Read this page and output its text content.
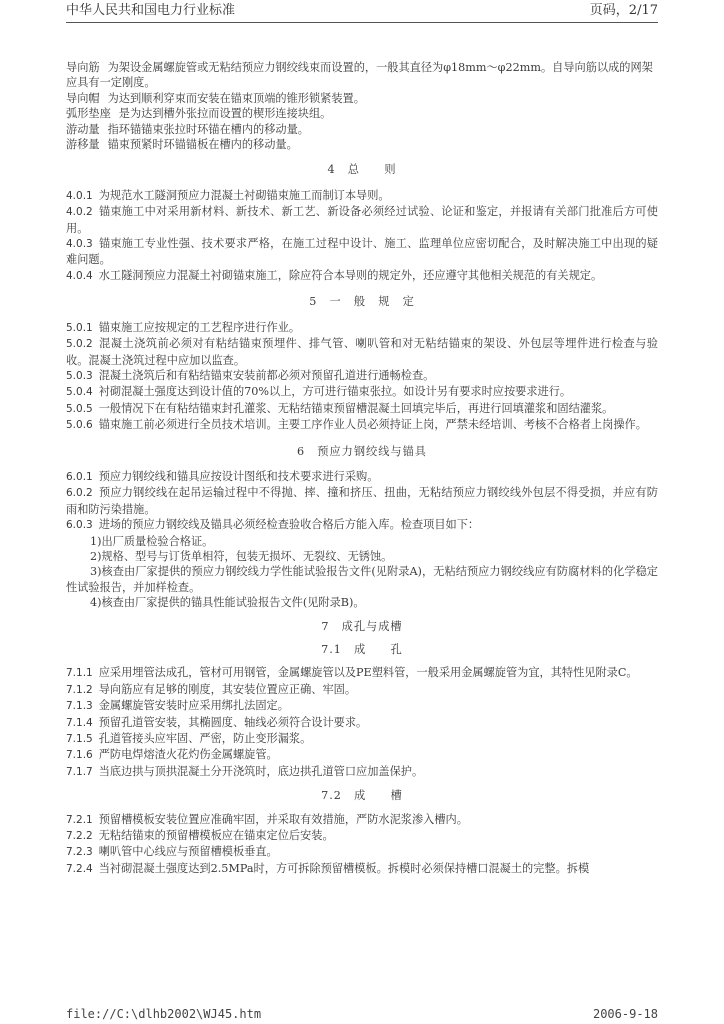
中华人民共和国电力行业标准	页码，2/17

导向筋 为架设金属螺旋管或无粘结预应力钢绞线束而设置的，一般其直径为φ18mm～φ22mm。自导向筋以成的网架应具有一定刚度。

导向帽 为达到顺利穿束而安装在锚束顶端的锥形锁紧装置。

弧形垫座 是为达到槽外张拉而设置的楔形连接块组。

游动量 指环锚锚束张拉时环锚在槽内的移动量。

游移量 锚束预紧时环锚锚板在槽内的移动量。

4　总　　则

4.0.1 为规范水工隧洞预应力混凝土衬砌锚束施工而制订本导则。

4.0.2 锚束施工中对采用新材料、新技术、新工艺、新设备必须经过试验、论证和鉴定，并报请有关部门批准后方可使用。

4.0.3 锚束施工专业性强、技术要求严格，在施工过程中设计、施工、监理单位应密切配合，及时解决施工中出现的疑难问题。

4.0.4 水工隧洞预应力混凝土衬砌锚束施工，除应符合本导则的规定外，还应遵守其他相关规范的有关规定。

5　一　般　规　定

5.0.1 锚束施工应按规定的工艺程序进行作业。

5.0.2 混凝土浇筑前必须对有粘结锚束预埋件、排气管、喇叭管和对无粘结锚束的架设、外包层等埋件进行检查与验收。混凝土浇筑过程中应加以监查。

5.0.3 混凝土浇筑后和有粘结锚束安装前都必须对预留孔道进行通畅检查。

5.0.4 衬砌混凝土强度达到设计值的70%以上，方可进行锚束张拉。如设计另有要求时应按要求进行。

5.0.5 一般情况下在有粘结锚束封孔灌浆、无粘结锚束预留槽混凝土回填完毕后，再进行回填灌浆和固结灌浆。

5.0.6 锚束施工前必须进行全员技术培训。主要工序作业人员必须持证上岗，严禁未经培训、考核不合格者上岗操作。

6　预应力钢绞线与锚具

6.0.1 预应力钢绞线和锚具应按设计图纸和技术要求进行采购。

6.0.2 预应力钢绞线在起吊运输过程中不得抛、摔、撞和挤压、扭曲，无粘结预应力钢绞线外包层不得受损，并应有防雨和防污染措施。

6.0.3 进场的预应力钢绞线及锚具必须经检查验收合格后方能入库。检查项目如下：

1)出厂质量检验合格证。

2)规格、型号与订货单相符，包装无损坏、无裂纹、无锈蚀。

3)核查由厂家提供的预应力钢绞线力学性能试验报告文件(见附录A)，无粘结预应力钢绞线应有防腐材料的化学稳定性试验报告，并加样检查。

4)核查由厂家提供的锚具性能试验报告文件(见附录B)。

7　成孔与成槽

7.1　成　　孔

7.1.1 应采用埋管法成孔，管材可用钢管，金属螺旋管以及PE塑料管，一般采用金属螺旋管为宜，其特性见附录C。

7.1.2 导向筋应有足够的刚度，其安装位置应正确、牢固。

7.1.3 金属螺旋管安装时应采用绑扎法固定。

7.1.4 预留孔道管安装，其椭圆度、轴线必须符合设计要求。

7.1.5 孔道管接头应牢固、严密，防止变形漏浆。

7.1.6 严防电焊熔渣火花灼伤金属螺旋管。

7.1.7 当底边拱与顶拱混凝土分开浇筑时，底边拱孔道管口应加盖保护。

7.2　成　　槽

7.2.1 预留槽模板安装位置应准确牢固，并采取有效措施，严防水泥浆渗入槽内。

7.2.2 无粘结锚束的预留槽模板应在锚束定位后安装。

7.2.3 喇叭管中心线应与预留槽模板垂直。

7.2.4 当衬砌混凝土强度达到2.5MPa时，方可拆除预留槽模板。拆模时必须保持槽口混凝土的完整。拆模

file://C:\dlhb2002\WJ45.htm	2006-9-18
